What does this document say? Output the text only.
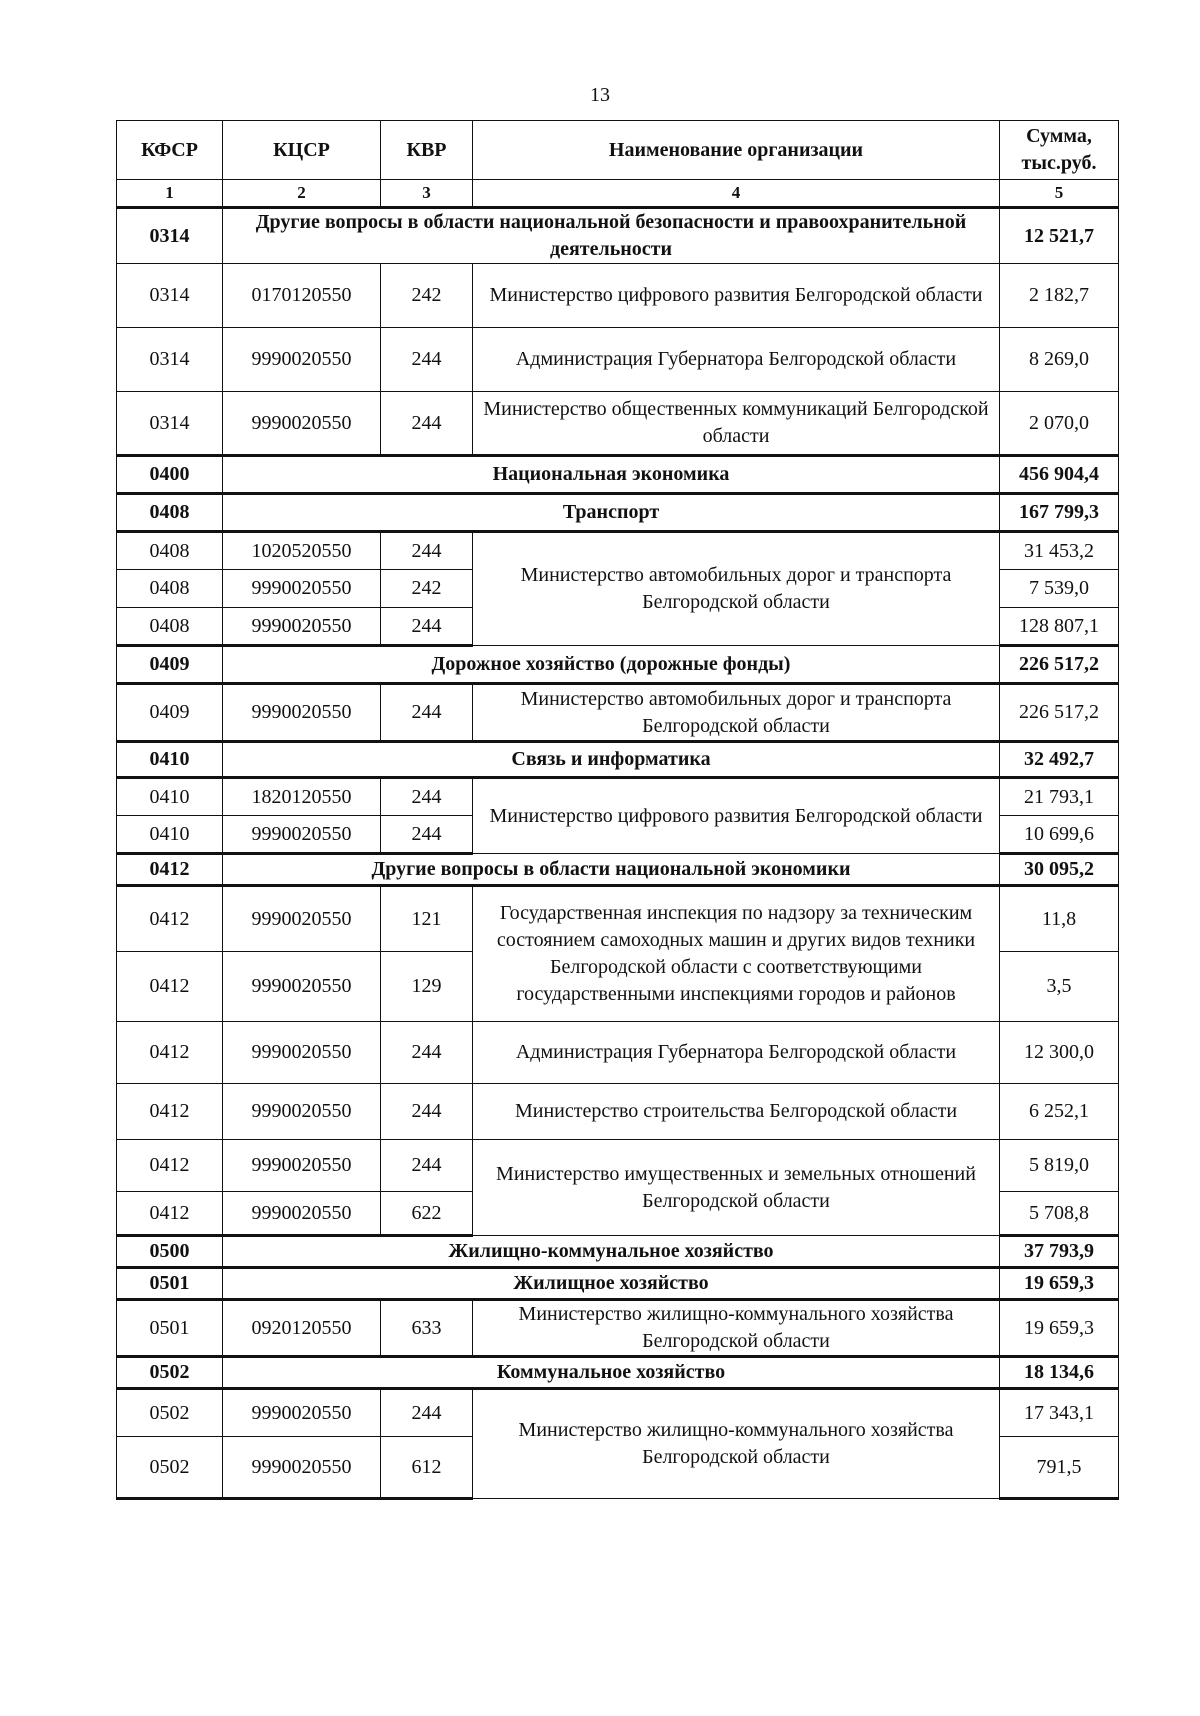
13
КФСР	КЦСР	КВР	Наименование организации	Сумма, тыс.руб.
1	2	3	4	5
0314	Другие вопросы в области национальной безопасности и правоохранительной деятельности			12 521,7
0314	0170120550	242	Министерство цифрового развития Белгородской области	2 182,7
0314	9990020550	244	Администрация Губернатора Белгородской области	8 269,0
0314	9990020550	244	Министерство общественных коммуникаций Белгородской области	2 070,0
0400	Национальная экономика			456 904,4
0408	Транспорт			167 799,3
0408	1020520550	244	Министерство автомобильных дорог и транспорта Белгородской области	31 453,2
0408	9990020550	242		7 539,0
0408	9990020550	244		128 807,1
0409	Дорожное хозяйство (дорожные фонды)			226 517,2
0409	9990020550	244	Министерство автомобильных дорог и транспорта Белгородской области	226 517,2
0410	Связь и информатика			32 492,7
0410	1820120550	244	Министерство цифрового развития Белгородской области	21 793,1
0410	9990020550	244		10 699,6
0412	Другие вопросы в области национальной экономики			30 095,2
0412	9990020550	121	Государственная инспекция по надзору за техническим состоянием самоходных машин и других видов техники Белгородской области с соответствующими государственными инспекциями городов и районов	11,8
0412	9990020550	129		3,5
0412	9990020550	244	Администрация Губернатора Белгородской области	12 300,0
0412	9990020550	244	Министерство строительства Белгородской области	6 252,1
0412	9990020550	244	Министерство имущественных и земельных отношений Белгородской области	5 819,0
0412	9990020550	622		5 708,8
0500	Жилищно-коммунальное хозяйство			37 793,9
0501	Жилищное хозяйство			19 659,3
0501	0920120550	633	Министерство жилищно-коммунального хозяйства Белгородской области	19 659,3
0502	Коммунальное хозяйство			18 134,6
0502	9990020550	244	Министерство жилищно-коммунального хозяйства Белгородской области	17 343,1
0502	9990020550	612		791,5
